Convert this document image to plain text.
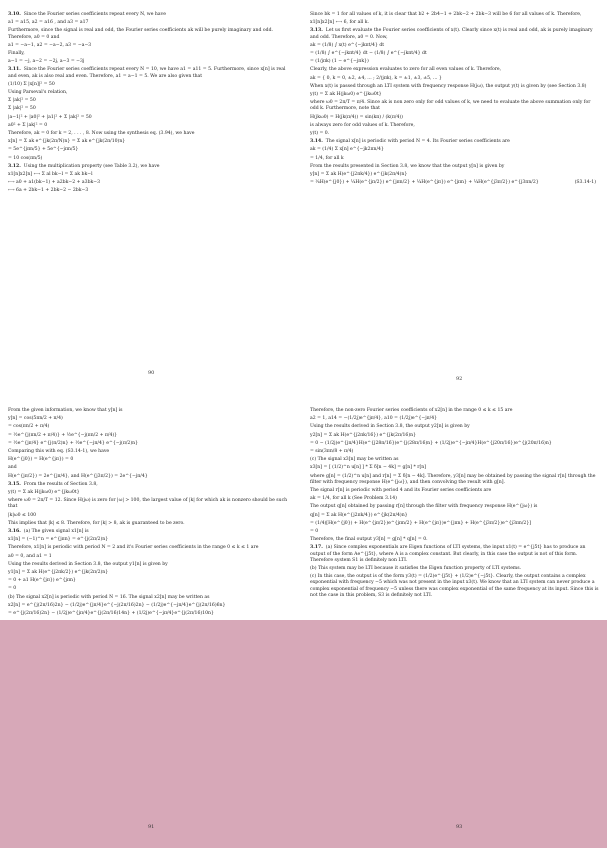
3.10. Since the Fourier series coefficients repeat every N, we have

a1 = a15, a2 = a16 , and a3 = a17

Furthermore, since the signal is real and odd, the Fourier series coefficients ak will be purely imaginary and odd. Therefore, a0 = 0 and

a1 = −a−1, a2 = −a−2, a3 = −a−3

Finally,

a−1 = −j, a−2 = −2j, a−3 = −3j

3.11. Since the Fourier series coefficients repeat every N = 10, we have a1 = a11 = 5. Furthermore, since x[n] is real and even, ak is also real and even. Therefore, a1 = a−1 = 5. We are also given that

(1/10) Σ |x[n]|² = 50

Using Parseval's relation,

Σ |ak|² = 50

Σ |ak|² = 50

|a−1|² + |a0|² + |a1|² + Σ |ak|² = 50

a0² + Σ |ak|² = 0

Therefore, ak = 0 for k = 2, . . . , 8. Now using the synthesis eq. (3.94), we have

x[n] = Σ ak e^{jk(2π/N)n} = Σ ak e^{jk(2π/10)n}

= 5e^{jπn/5} + 5e^{−jπn/5}

= 10 cos(πn/5)

3.12. Using the multiplication property (see Table 3.2), we have

x1[n]x2[n] ⟷ Σ al bk−l = Σ ak bk−l

⟷ a0 + a1(bk−1) + a2bk−2 + a3bk−3

⟷ 6a + 2bk−1 + 2bk−2 − 2bk−3

90

Since bk = 1 for all values of k, it is clear that b2 + 2b4−1 + 2bk−2 + 2bk−3 will be 6 for all values of k. Therefore,

x1[n]x2[n] ⟷ 6, for all k.

3.13. Let us first evaluate the Fourier series coefficients of x(t). Clearly since x(t) is real and odd, ak is purely imaginary and odd. Therefore, a0 = 0. Now,

ak = (1/8) ∫ x(t) e^{−jkπt/4} dt

= (1/8) ∫ e^{−jkπt/4} dt − (1/8) ∫ e^{−jkπt/4} dt

= (1/jπk) (1 − e^{−jπk})

Clearly, the above expression evaluates to zero for all even values of k. Therefore,

ak = { 0, k = 0, ±2, ±4, ... ; 2/(jπk), k = ±1, ±3, ±5, ... }

When x(t) is passed through an LTI system with frequency response H(jω), the output y(t) is given by (see Section 3.8)

y(t) = Σ ak H(jkω0) e^{jkω0t}

where ω0 = 2π/T = π/4. Since ak is non zero only for odd values of k, we need to evaluate the above summation only for odd k. Furthermore, note that

H(jkω0) = H(jk(π/4)) = sin(kπ) / (k(π/4))

is always zero for odd values of k. Therefore,

y(t) = 0.

3.14. The signal x[n] is periodic with period N = 4. Its Fourier series coefficients are

ak = (1/4) Σ x[n] e^{−jk2πn/4}

= 1/4, for all k

From the results presented in Section 3.8, we know that the output y[n] is given by

y[n] = Σ ak H(e^{j2πk/4}) e^{jk(2π/4)n}

= ¼H(e^{j0}) + ¼H(e^{jπ/2}) e^{jπn/2} + ¼H(e^{jπ}) e^{jπn} + ¼H(e^{j3π/2}) e^{j3πn/2}	(S3.14-1)

92

From the given information, we know that y[n] is

y[n] = cos(5πn/2 + π/4)

= cos(πn/2 + π/4)

= ½e^{j(πn/2 + π/4)} + ½e^{−j(πn/2 + π/4)}

= ½e^{jπ/4} e^{j(π/2)n} + ½e^{−jπ/4} e^{−j(π/2)n}

Comparing this with eq. (S3.14-1), we have

H(e^{j0}) = H(e^{jπ}) = 0

and

H(e^{jπ/2}) = 2e^{jπ/4}, and H(e^{j3π/2}) = 2e^{−jπ/4}

3.15. From the results of Section 3.8,

y(t) = Σ ak H(jkω0) e^{jkω0t}

where ω0 = 2π/T = 12. Since H(jω) is zero for |ω| > 100, the largest value of |k| for which ak is nonzero should be such that

|k|ω0 ≤ 100

This implies that |k| ≤ 8. Therefore, for |k| > 8, ak is guaranteed to be zero.

3.16. (a) The given signal x1[n] is

x1[n] = (−1)^n = e^{jπn} = e^{j(2π/2)n}

Therefore, x1[n] is periodic with period N = 2 and it's Fourier series coefficients in the range 0 ≤ k ≤ 1 are

a0 = 0, and a1 = 1

Using the results derived in Section 3.8, the output y1[n] is given by

y1[n] = Σ ak H(e^{j2πk/2}) e^{jk(2π/2)n}

= 0 + a1 H(e^{jπ}) e^{jπn}

= 0

(b) The signal x2[n] is periodic with period N = 16. The signal x2[n] may be written as

x2[n] = e^{j(2π/16)2n} − (1/2j)e^{jπ/4}e^{−j(2π/16)2n} − (1/2j)e^{−jπ/4}e^{j(2π/16)6n}

= e^{j(2π/16)2n} − (1/2j)e^{jπ/4}e^{j(2π/16)14n} + (1/2j)e^{−jπ/4}e^{j(2π/16)10n}

91

Therefore, the non-zero Fourier series coefficients of x2[n] in the range 0 ≤ k ≤ 15 are

a2 = 1, a14 = −(1/2j)e^{jπ/4}, a10 = (1/2j)e^{−jπ/4}

Using the results derived in Section 3.8, the output y2[n] is given by

y2[n] = Σ ak H(e^{j2πk/16}) e^{jk(2π/16)n}

= 0 − (1/2j)e^{jπ/4}H(e^{j28π/16})e^{j(28π/16)n} + (1/2j)e^{−jπ/4}H(e^{j20π/16})e^{j(20π/16)n}

= sin(3πn/8 + π/4)

(c) The signal x3[n] may be written as

x3[n] = [ (1/2)^n u[n] ] * Σ δ[n − 4k] = g[n] * r[n]

where g[n] = (1/2)^n u[n] and r[n] = Σ δ[n − 4k]. Therefore, y3[n] may be obtained by passing the signal r[n] through the filter with frequency response H(e^{jω}), and then convolving the result with g[n].

The signal r[n] is periodic with period 4 and its Fourier series coefficients are

ak = 1/4, for all k (See Problem 3.14)

The output q[n] obtained by passing r[n] through the filter with frequency response H(e^{jω}) is

q[n] = Σ ak H(e^{j2πk/4}) e^{jk(2π/4)n}

= (1/4)[H(e^{j0}) + H(e^{jπ/2})e^{jπn/2} + H(e^{jπ})e^{jπn} + H(e^{j3π/2})e^{j3πn/2}]

= 0

Therefore, the final output y3[n] = g[n] * q[n] = 0.

3.17. (a) Since complex exponentials are Eigen functions of LTI systems, the input x1(t) = e^{j5t} has to produce an output of the form Ae^{j5t}, where A is a complex constant. But clearly, in this case the output is not of this form. Therefore system S1 is definitely non LTI.

(b) This system may be LTI because it satisfies the Eigen function property of LTI systems.

(c) In this case, the output is of the form y3(t) = (1/2)e^{j5t} + (1/2)e^{−j5t}. Clearly, the output contains a complex exponential with frequency −5 which was not present in the input x3(t). We know that an LTI system can never produce a complex exponential of frequency −5 unless there was complex exponential of the same frequency at its input. Since this is not the case in this problem, S3 is definitely not LTI.

93
